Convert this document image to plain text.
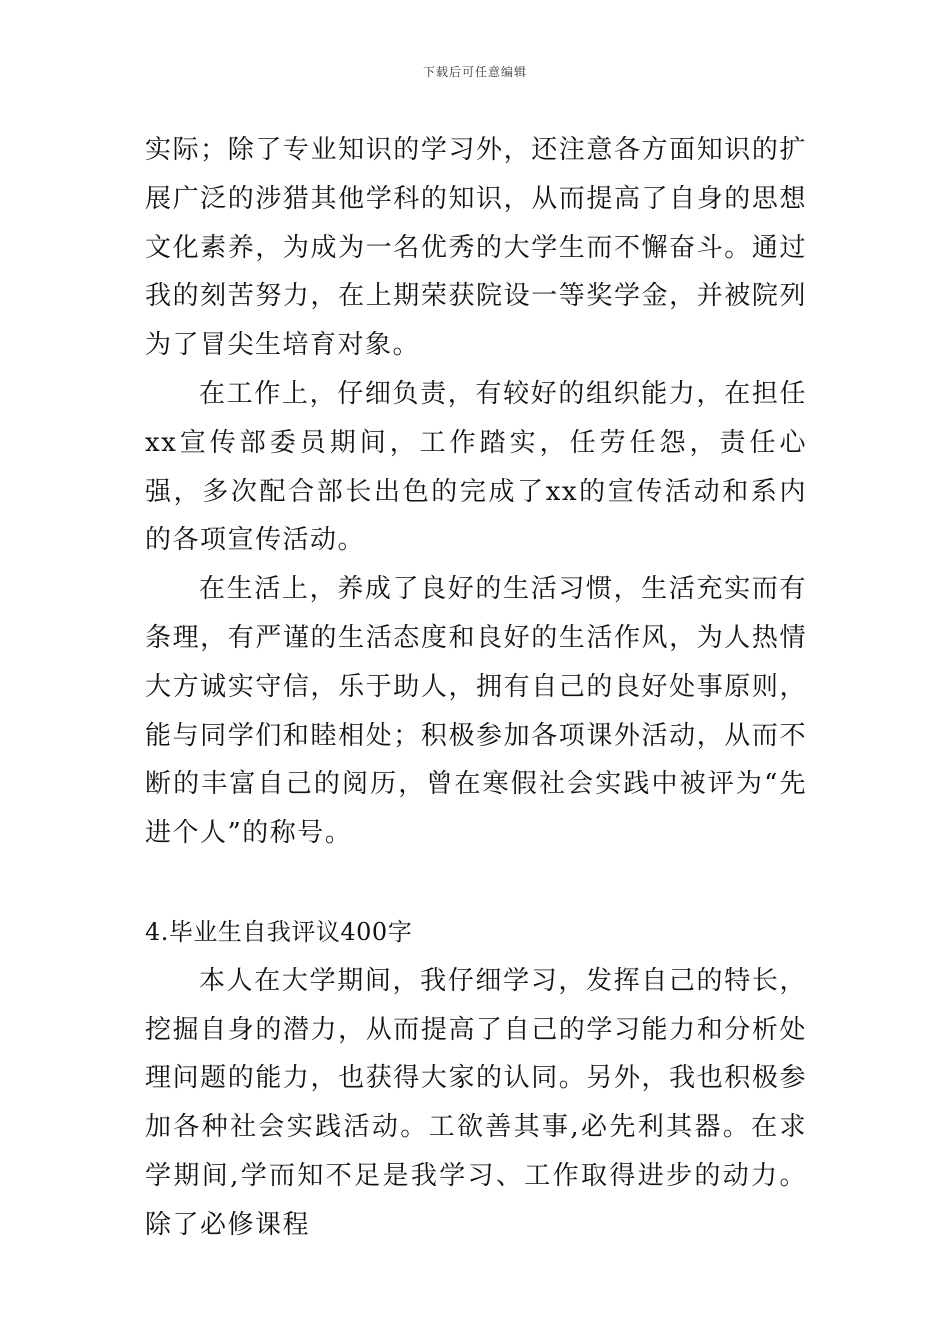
下载后可任意编辑

实际；除了专业知识的学习外，还注意各方面知识的扩展广泛的涉猎其他学科的知识，从而提高了自身的思想文化素养，为成为一名优秀的大学生而不懈奋斗。通过我的刻苦努力，在上期荣获院设一等奖学金，并被院列为了冒尖生培育对象。

在工作上，仔细负责，有较好的组织能力，在担任xx宣传部委员期间，工作踏实，任劳任怨，责任心强，多次配合部长出色的完成了xx的宣传活动和系内的各项宣传活动。

在生活上，养成了良好的生活习惯，生活充实而有条理，有严谨的生活态度和良好的生活作风，为人热情大方诚实守信，乐于助人，拥有自己的良好处事原则，能与同学们和睦相处；积极参加各项课外活动，从而不断的丰富自己的阅历，曾在寒假社会实践中被评为“先进个人”的称号。

4.毕业生自我评议400字

本人在大学期间，我仔细学习，发挥自己的特长，挖掘自身的潜力，从而提高了自己的学习能力和分析处理问题的能力，也获得大家的认同。另外，我也积极参加各种社会实践活动。工欲善其事,必先利其器。在求学期间,学而知不足是我学习、工作取得进步的动力。除了必修课程
